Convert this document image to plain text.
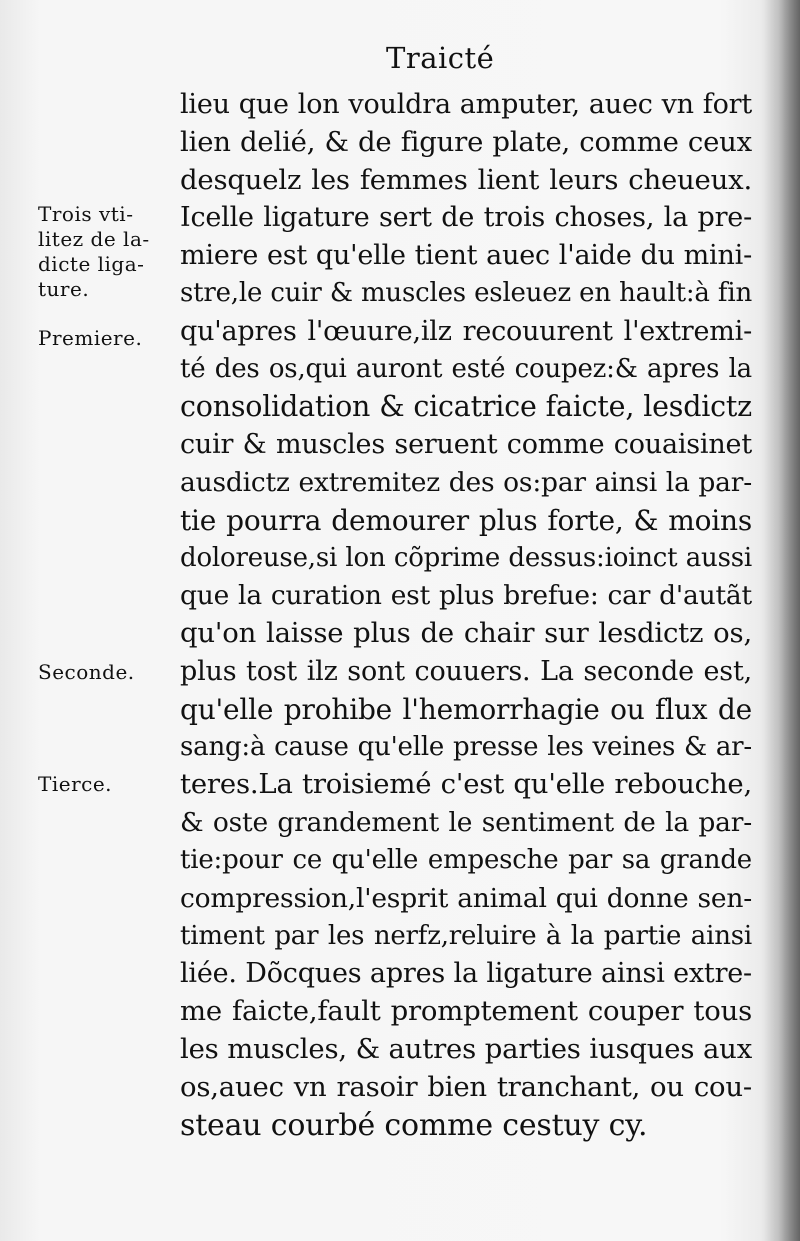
Traicté
lieu que lon vouldra amputer, auec vn fort
lien delié, & de figure plate, comme ceux
desquelz les femmes lient leurs cheueux.
Icelle ligature sert de trois choses, la pre-
miere est qu'elle tient auec l'aide du mini-
stre,le cuir & muscles esleuez en hault:à fin
qu'apres l'œuure,ilz recouurent l'extremi-
té des os,qui auront esté coupez:& apres la
consolidation & cicatrice faicte, lesdictz
cuir & muscles seruent comme couaisinet
ausdictz extremitez des os:par ainsi la par-
tie pourra demourer plus forte, & moins
doloreuse,si lon cõprime dessus:ioinct aussi
que la curation est plus brefue: car d'autãt
qu'on laisse plus de chair sur lesdictz os,
plus tost ilz sont couuers. La seconde est,
qu'elle prohibe l'hemorrhagie ou flux de
sang:à cause qu'elle presse les veines & ar-
teres.La troisiemé c'est qu'elle rebouche,
& oste grandement le sentiment de la par-
tie:pour ce qu'elle empesche par sa grande
compression,l'esprit animal qui donne sen-
timent par les nerfz,reluire à la partie ainsi
liée. Dõcques apres la ligature ainsi extre-
me faicte,fault promptement couper tous
les muscles, & autres parties iusques aux
os,auec vn rasoir bien tranchant, ou cou-
steau courbé comme cestuy cy.
Trois vti-
litez de la-
dicte liga-
ture.
Premiere.
Seconde.
Tierce.
